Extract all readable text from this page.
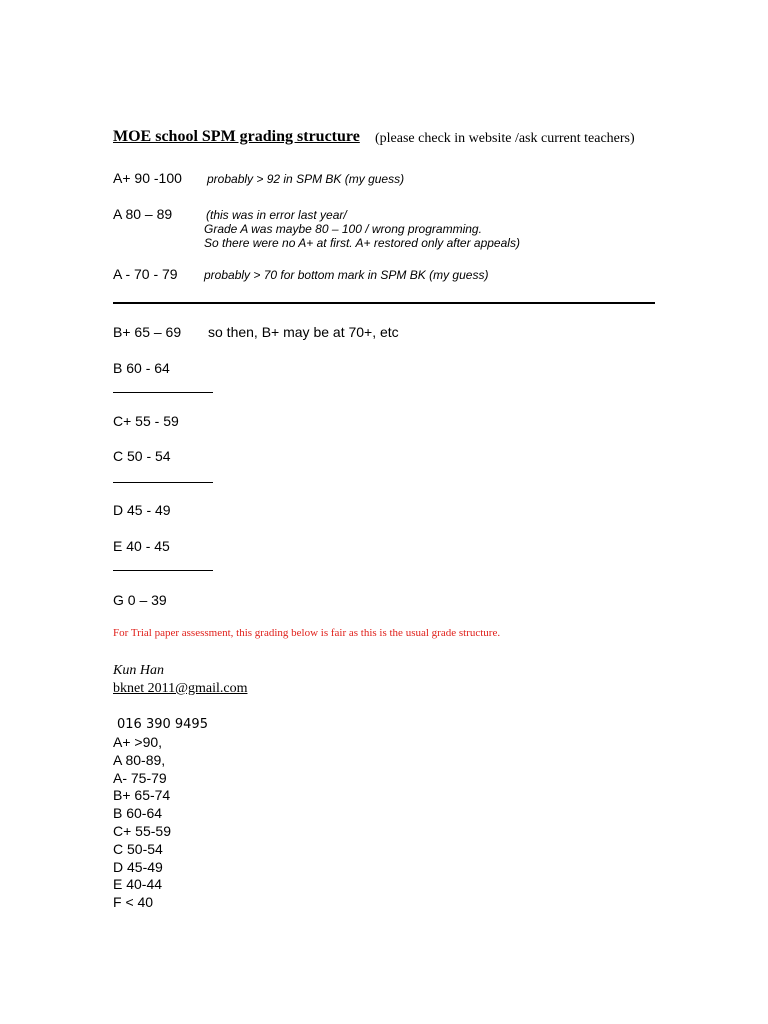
MOE school SPM grading structure (please check in website /ask current teachers)
A+ 90 -100 probably > 92 in SPM BK (my guess)
A 80 – 89	(this was in error last year/
Grade A was maybe 80 – 100 / wrong programming.
So there were no A+ at first. A+ restored only after appeals)
A - 70 - 79 probably > 70 for bottom mark in SPM BK (my guess)
B+ 65 – 69 so then, B+ may be at 70+, etc
B 60 - 64
C+ 55 - 59
C 50 - 54
D 45 - 49
E 40 - 45
G 0 – 39
For Trial paper assessment, this grading below is fair as this is the usual grade structure.
Kun Han
bknet 2011@gmail.com
016 390 9495
A+ >90,
A 80-89,
A- 75-79
B+ 65-74
B 60-64
C+ 55-59
C 50-54
D 45-49
E 40-44
F < 40
